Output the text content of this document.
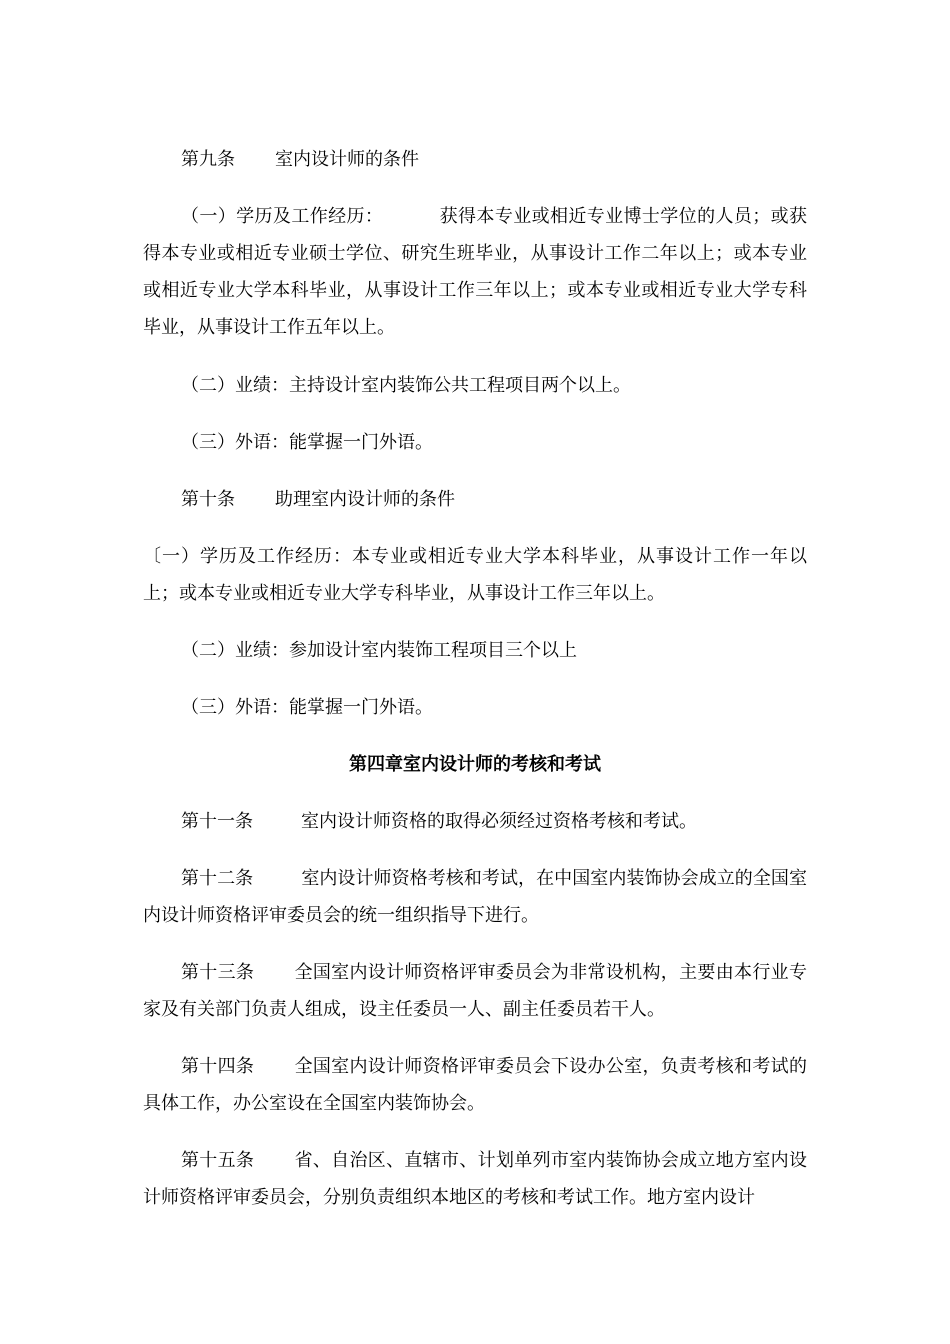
第九条 室内设计师的条件

（一）学历及工作经历：	获得本专业或相近专业博士学位的人员；或获得本专业或相近专业硕士学位、研究生班毕业，从事设计工作二年以上；或本专业或相近专业大学本科毕业，从事设计工作三年以上；或本专业或相近专业大学专科毕业，从事设计工作五年以上。

（二）业绩：主持设计室内装饰公共工程项目两个以上。

（三）外语：能掌握一门外语。

第十条 助理室内设计师的条件

〔一）学历及工作经历：本专业或相近专业大学本科毕业，从事设计工作一年以上；或本专业或相近专业大学专科毕业，从事设计工作三年以上。

（二）业绩：参加设计室内装饰工程项目三个以上

（三）外语：能掌握一门外语。

第四章室内设计师的考核和考试

第十一条	室内设计师资格的取得必须经过资格考核和考试。

第十二条	室内设计师资格考核和考试，在中国室内装饰协会成立的全国室内设计师资格评审委员会的统一组织指导下进行。

第十三条 全国室内设计师资格评审委员会为非常设机构，主要由本行业专家及有关部门负责人组成，设主任委员一人、副主任委员若干人。

第十四条 全国室内设计师资格评审委员会下设办公室，负责考核和考试的具体工作，办公室设在全国室内装饰协会。

第十五条 省、自治区、直辖市、计划单列市室内装饰协会成立地方室内设计师资格评审委员会，分别负责组织本地区的考核和考试工作。地方室内设计
